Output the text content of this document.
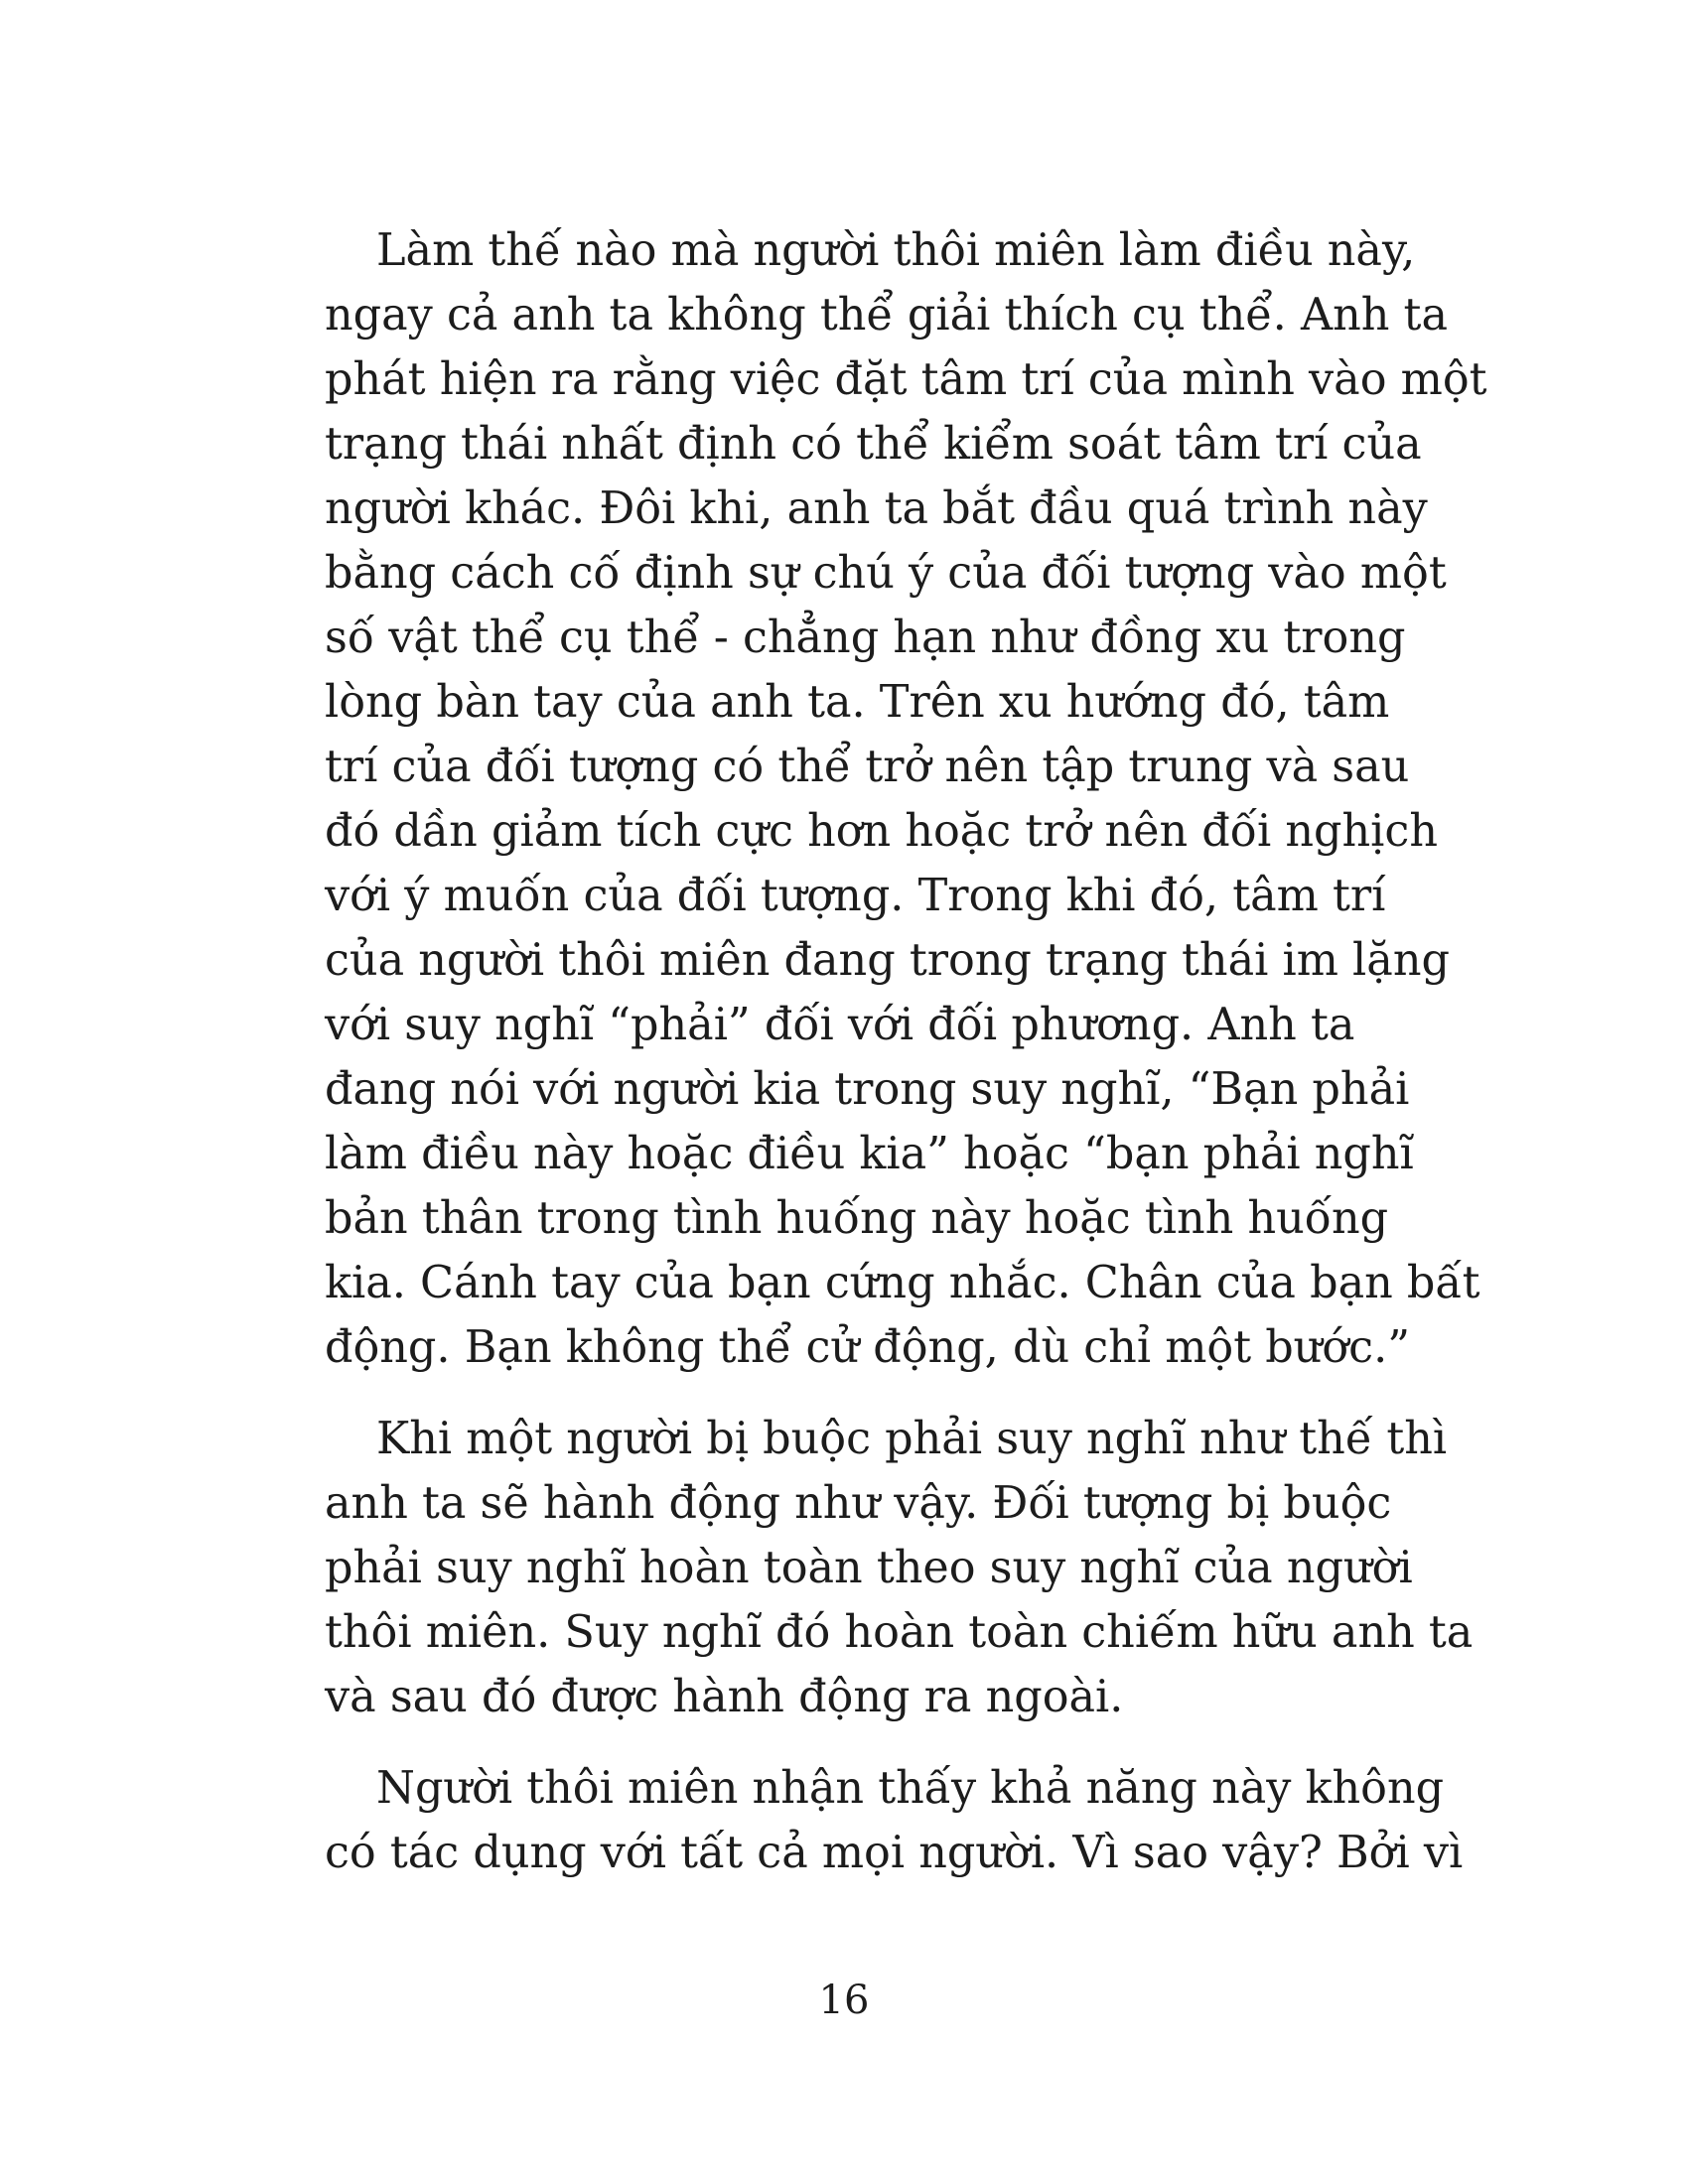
Làm thế nào mà người thôi miên làm điều này,
ngay cả anh ta không thể giải thích cụ thể. Anh ta
phát hiện ra rằng việc đặt tâm trí của mình vào một
trạng thái nhất định có thể kiểm soát tâm trí của
người khác. Đôi khi, anh ta bắt đầu quá trình này
bằng cách cố định sự chú ý của đối tượng vào một
số vật thể cụ thể - chẳng hạn như đồng xu trong
lòng bàn tay của anh ta. Trên xu hướng đó, tâm
trí của đối tượng có thể trở nên tập trung và sau
đó dần giảm tích cực hơn hoặc trở nên đối nghịch
với ý muốn của đối tượng. Trong khi đó, tâm trí
của người thôi miên đang trong trạng thái im lặng
với suy nghĩ “phải” đối với đối phương. Anh ta
đang nói với người kia trong suy nghĩ, “Bạn phải
làm điều này hoặc điều kia” hoặc “bạn phải nghĩ
bản thân trong tình huống này hoặc tình huống
kia. Cánh tay của bạn cứng nhắc. Chân của bạn bất
động. Bạn không thể cử động, dù chỉ một bước.”
Khi một người bị buộc phải suy nghĩ như thế thì
anh ta sẽ hành động như vậy. Đối tượng bị buộc
phải suy nghĩ hoàn toàn theo suy nghĩ của người
thôi miên. Suy nghĩ đó hoàn toàn chiếm hữu anh ta
và sau đó được hành động ra ngoài.
Người thôi miên nhận thấy khả năng này không
có tác dụng với tất cả mọi người. Vì sao vậy? Bởi vì
16
